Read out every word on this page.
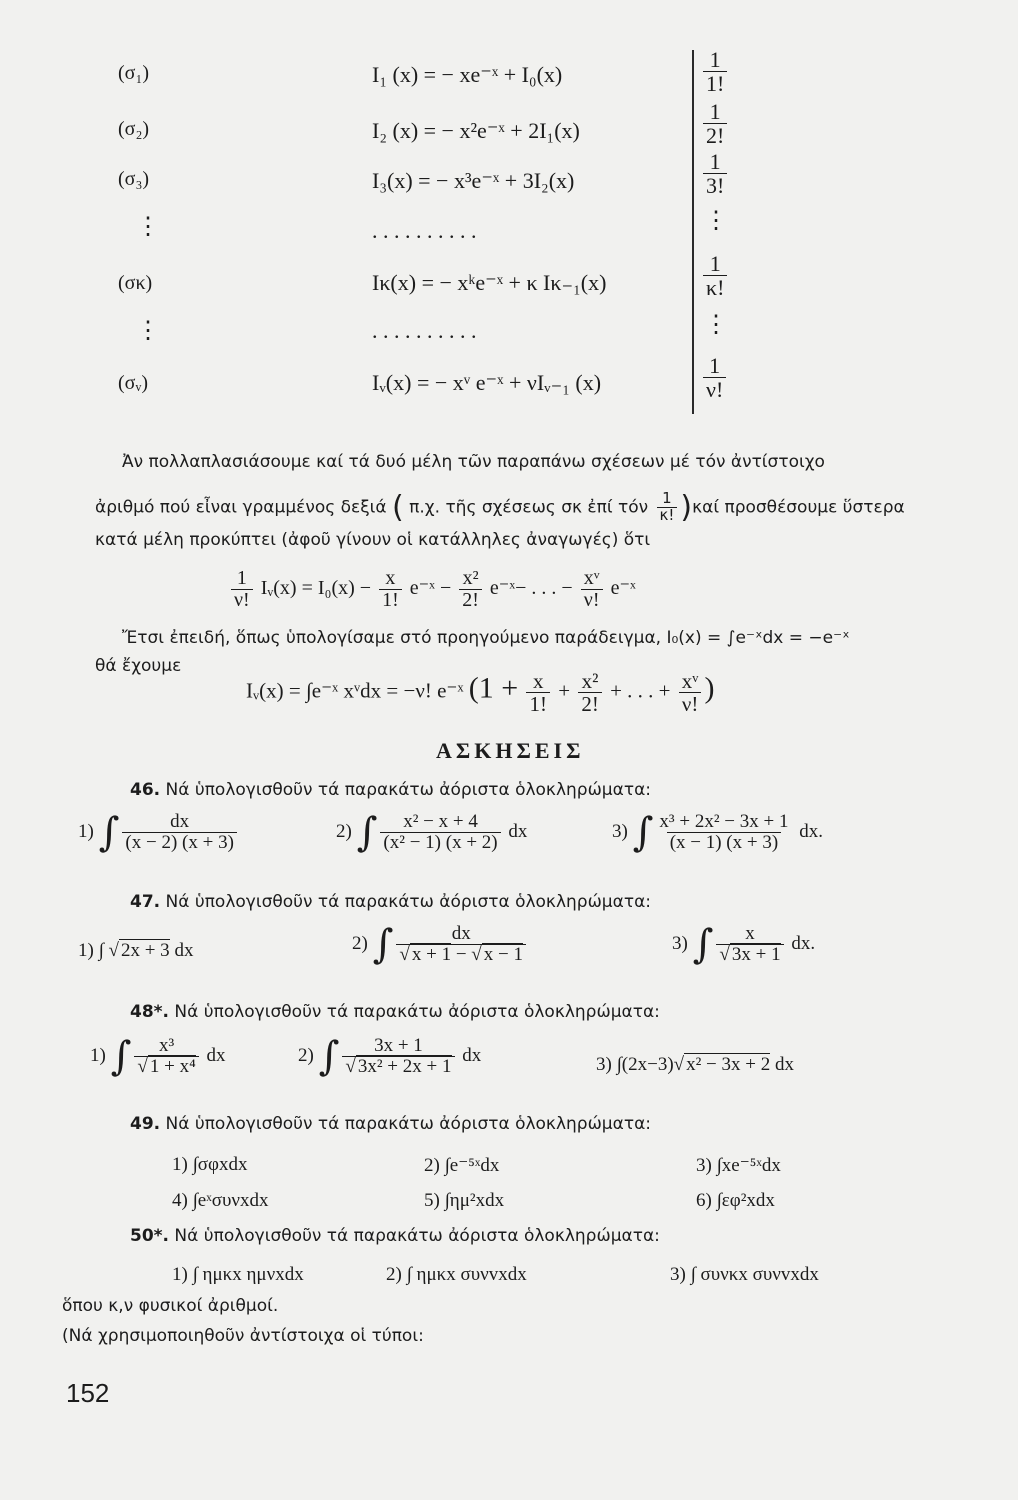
(σ₁)	I₁ (x) = − xe⁻ˣ + I₀(x)	$\frac{1}{1!}$
(σ₂)	I₂ (x) = − x²e⁻ˣ + 2I₁(x)	$\frac{1}{2!}$
(σ₃)	I₃(x) = − x³e⁻ˣ + 3I₂(x)	$\frac{1}{3!}$
⋮	. . . . . . . . . .	⋮
(σκ)	Iκ(x) = − xᵏe⁻ˣ + κ Iκ₋₁(x)	$\frac{1}{\kappa!}$
⋮	. . . . . . . . . .	⋮
(σᵥ)	Iᵥ(x) = − xᵛ e⁻ˣ + νIᵥ₋₁ (x)	$\frac{1}{\nu!}$
Ἀν πολλαπλασιάσουμε καί τά δυό μέλη τῶν παραπάνω σχέσεων μέ τόν ἀντίστοιχο
ἀριθμό πού εἶναι γραμμένος δεξιά ( π.χ. τῆς σχέσεως σκ ἐπί τόν $\frac{1}{\kappa!} )\kappa\alpha ί$ προσθέσουμε ὕστερα
κατά μέλη προκύπτει (ἀφοῦ γίνουν οἱ κατάλληλες ἀναγωγές) ὅτι
$\frac{1}{\nu!}$ Iᵥ(x) = $I_0(x) - \frac{x}{1!}$ e⁻ˣ − $\frac{\text{x²}}{2!}$ e⁻ˣ− . . . − $\frac{\text{xᵛ}}{\nu!}$ e⁻ˣ
Ἔτσι ἐπειδή, ὅπως ὑπολογίσαμε στό προηγούμενο παράδειγμα, I₀(x) = ∫e⁻ˣdx = −e⁻ˣ
θά ἔχουμε
Iᵥ(x) = ∫e⁻ˣ xᵛdx = −ν! e⁻ˣ ($1 + \frac{x}{1!} + \frac{\text{x²}}{2!}$ + . . . + $\frac{\text{xᵛ}}{\nu!}$ )
ΑΣΚΗΣΕΙΣ
46. Νά ὑπολογισθοῦν τά παρακάτω ἀόριστα ὁλοκληρώματα:
1) ∫ $\frac{dx}{(x - 2) (x + 3)}$	2) ∫ $\frac{\text{x² − x + 4}}{\text{(x² − 1) (x + 2)}}$ dx	3) ∫ $\frac{\text{x³ + 2x² − 3x + 1}}{(x - 1) (x + 3)}$ dx.
47. Νά ὑπολογισθοῦν τά παρακάτω ἀόριστα ὁλοκληρώματα:
1) ∫ √ 2x + 3 dx	2) ∫ $\frac{dx}{√ x + 1 - √ x - 1}$	3) ∫ $\frac{x}{√ 3x + 1}$ dx.
48*. Νά ὑπολογισθοῦν τά παρακάτω ἀόριστα ὁλοκληρώματα:
1) ∫ $\frac{\text{x³}}{\text{√ 1 + x⁴}}$ dx	2) ∫ $\frac{3x + 1}{\text{√ 3x² + 2x + 1}}$ dx	3) ∫(2x−3)√ x² − 3x + 2 dx
49. Νά ὑπολογισθοῦν τά παρακάτω ἀόριστα ὁλοκληρώματα:
1) ∫σφxdx	2) ∫e⁻⁵ˣdx	3) ∫xe⁻⁵ˣdx
4) ∫eˣσυνxdx	5) ∫ημ²xdx	6) ∫εφ²xdx
50*. Νά ὑπολογισθοῦν τά παρακάτω ἀόριστα ὁλοκληρώματα:
1) ∫ ημκx ημνxdx	2) ∫ ημκx συνvxdx	3) ∫ συνκx συνvxdx
ὅπου κ,ν φυσικοί ἀριθμοί.
(Νά χρησιμοποιηθοῦν ἀντίστοιχα οἱ τύποι:
152
